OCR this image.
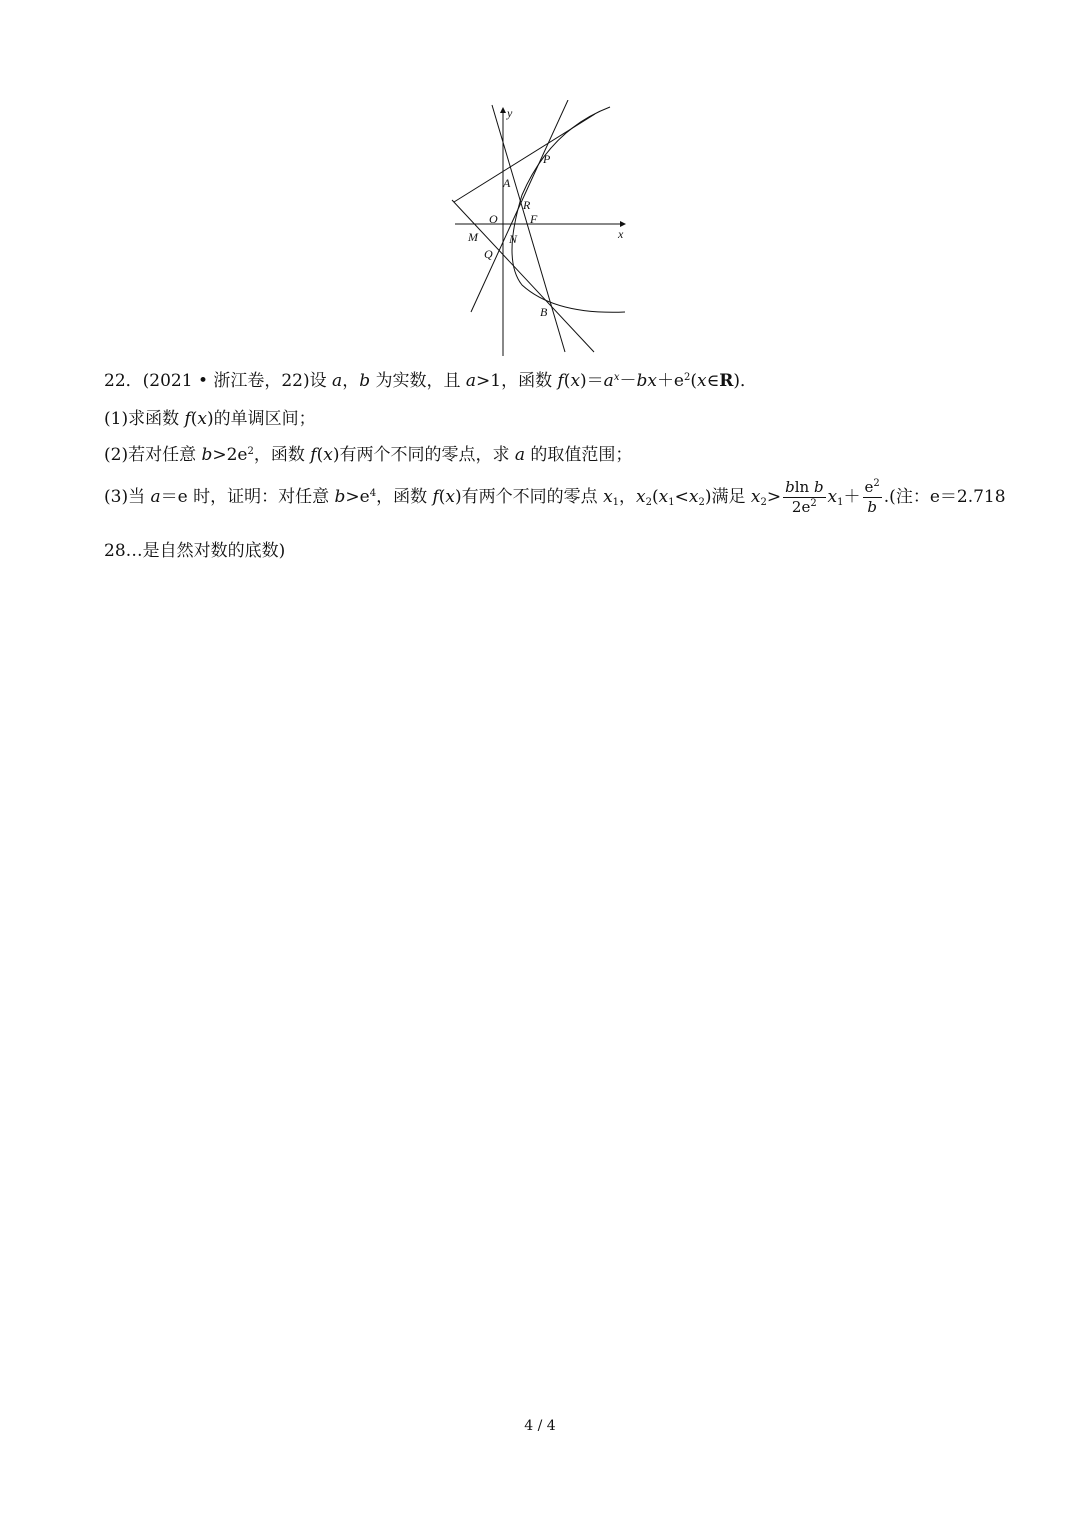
y
x
P
A
R
O	F
M	N
Q
B
22．(2021 • 浙江卷，22)设 a，b 为实数，且 a>1，函数 $f(x)=a^x-bx+e^2(x\in R)$．
(1)求函数 f(x)的单调区间；
(2)若对任意 $b>2e^2$，函数 f(x)有两个不同的零点，求 a 的取值范围；
(3)当 a＝e 时，证明：对任意 $b>e^4$，函数 f(x)有两个不同的零点 $x_1$，$x_2(x_1<x_2)$满足 $x_2> \frac{\text{bln b}}{2e^2} x_1+ \frac{e^2}{b}$ .(注：e＝2.718
28…是自然对数的底数)
4 / 4
